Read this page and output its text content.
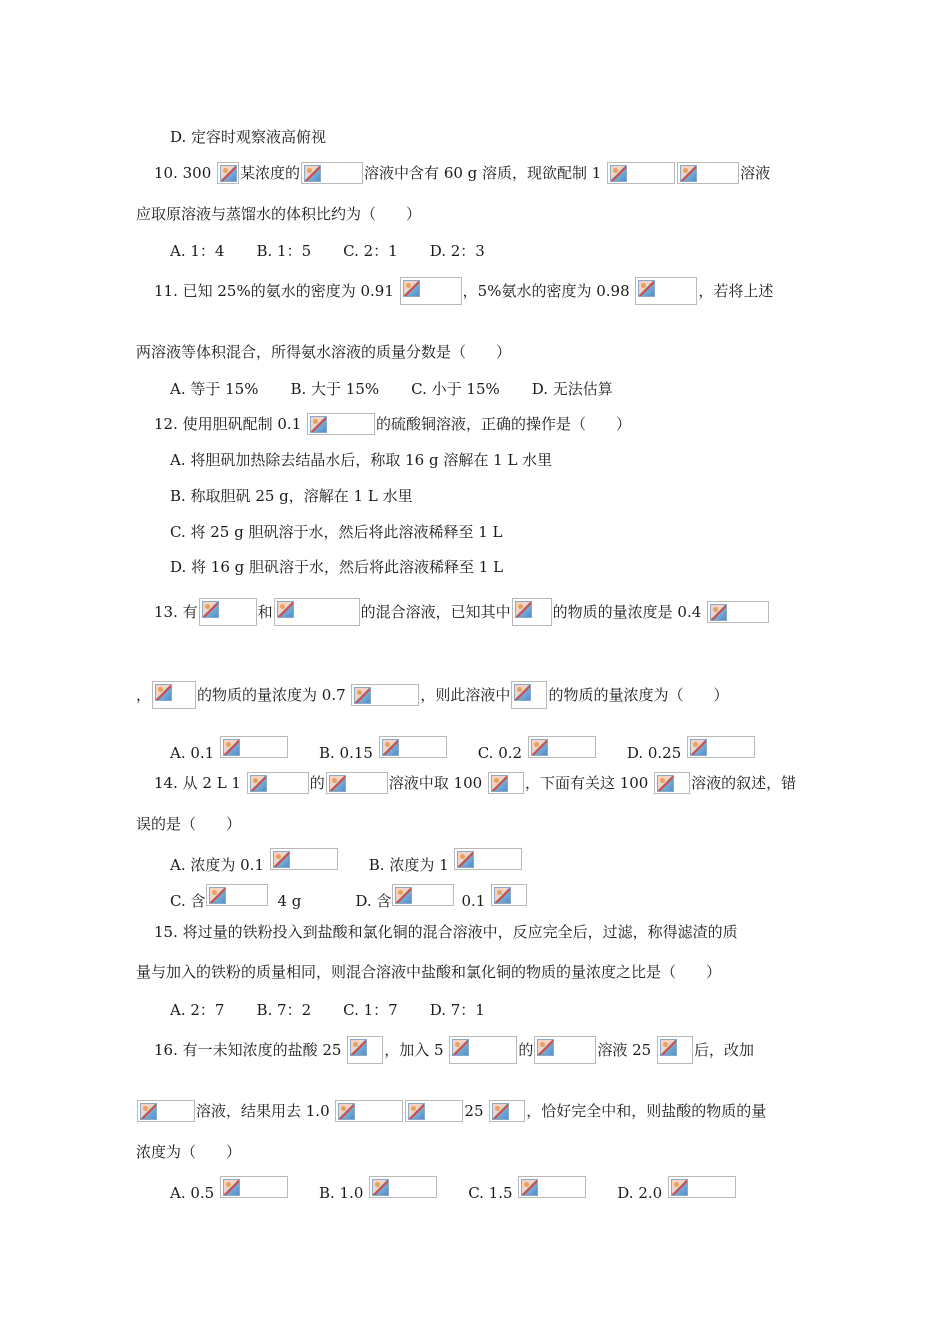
D. 定容时观察液高俯视
10. 300
某浓度的	溶液中含有 60 g 溶质，现欲配制 1	溶液
应取原溶液与蒸馏水的体积比约为（　　）
A. 1：4 B. 1：5 C. 2：1 D. 2：3
11. 已知 25%的氨水的密度为 0.91	，5%氨水的密度为 0.98	，若将上述
两溶液等体积混合，所得氨水溶液的质量分数是（　　）
A. 等于 15% B. 大于 15% C. 小于 15% D. 无法估算
12. 使用胆矾配制 0.1	的硫酸铜溶液，正确的操作是（　　）
A. 将胆矾加热除去结晶水后，称取 16 g 溶解在 1 L 水里
B. 称取胆矾 25 g，溶解在 1 L 水里
C. 将 25 g 胆矾溶于水，然后将此溶液稀释至 1 L
D. 将 16 g 胆矾溶于水，然后将此溶液稀释至 1 L
13. 有	和	的混合溶液，已知其中	的物质的量浓度是 0.4
，	的物质的量浓度为 0.7	，则此溶液中	的物质的量浓度为（　　）
A. 0.1	B. 0.15	C. 0.2	D. 0.25
14. 从 2 L 1	的	溶液中取 100	，下面有关这 100	溶液的叙述，错
误的是（　　）
A. 浓度为 0.1	B. 浓度为 1
C. 含	4 g	D. 含	0.1
15. 将过量的铁粉投入到盐酸和氯化铜的混合溶液中，反应完全后，过滤，称得滤渣的质
量与加入的铁粉的质量相同，则混合溶液中盐酸和氯化铜的物质的量浓度之比是（　　）
A. 2：7 B. 7：2 C. 1：7 D. 7：1
16. 有一未知浓度的盐酸 25	，加入 5	的	溶液 25	后，改加
溶液，结果用去 1.0	25	，恰好完全中和，则盐酸的物质的量
浓度为（　　）
A. 0.5	B. 1.0	C. 1.5	D. 2.0
